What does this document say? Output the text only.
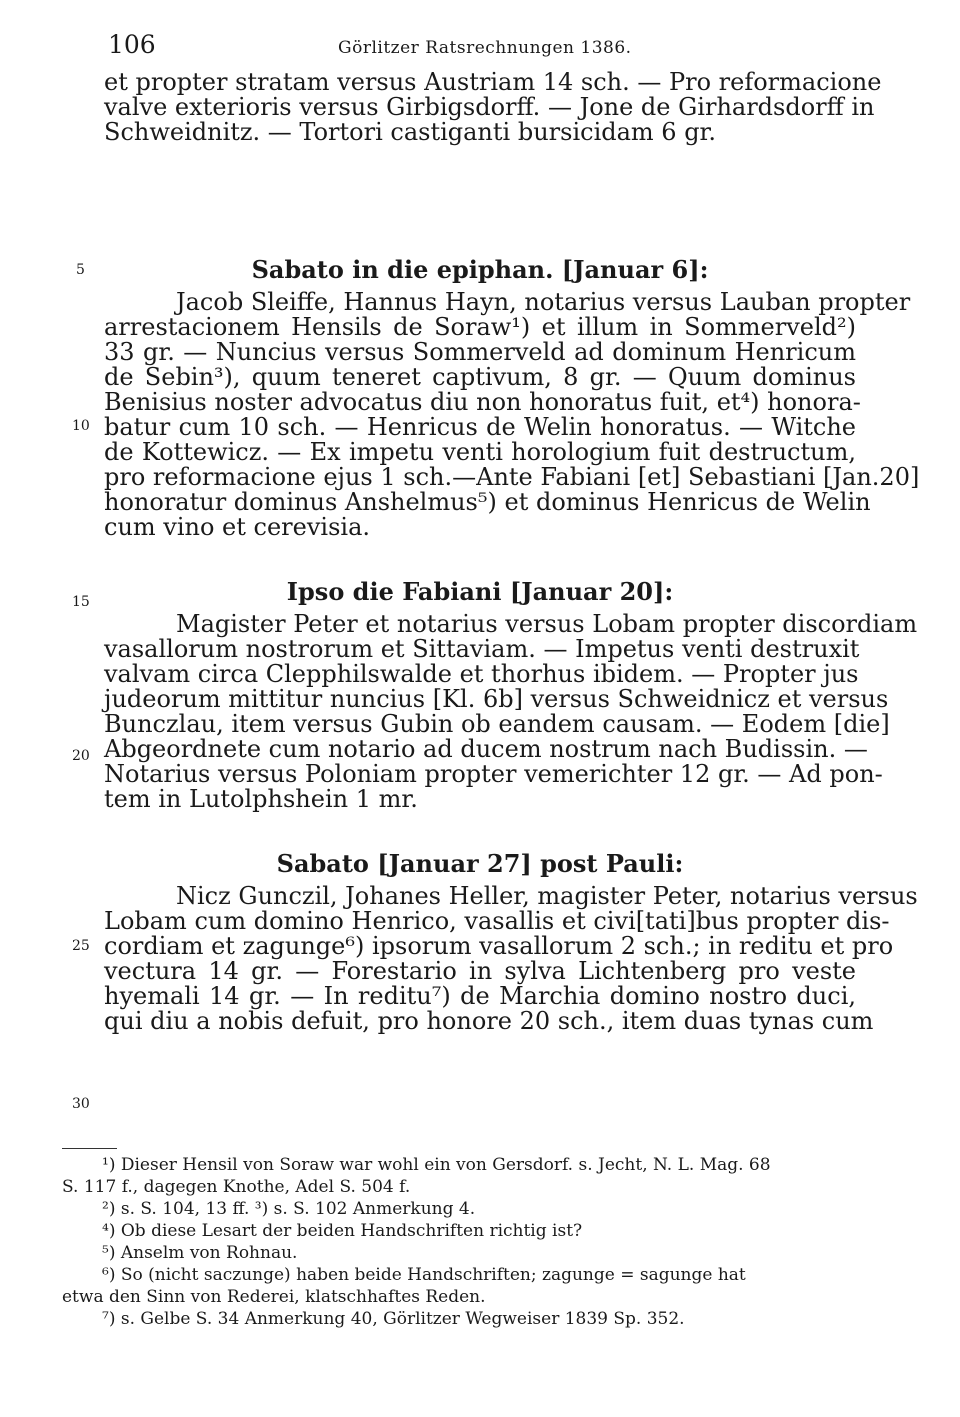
106	Görlitzer Ratsrechnungen 1386.
5
10
15
20
25
30
et propter stratam versus Austriam 14 sch. — Pro reformacione
valve exterioris versus Girbigsdorff. — Jone de Girhardsdorff in
Schweidnitz. — Tortori castiganti bursicidam 6 gr.
Sabato in die epiphan. [Januar 6]:
Jacob Sleiffe, Hannus Hayn, notarius versus Lauban propter
arrestacionem Hensils de Soraw¹) et illum in Sommerveld²)
33 gr. — Nuncius versus Sommerveld ad dominum Henricum
de Sebin³), quum teneret captivum, 8 gr. — Quum dominus
Benisius noster advocatus diu non honoratus fuit, et⁴) honora-
batur cum 10 sch. — Henricus de Welin honoratus. — Witche
de Kottewicz. — Ex impetu venti horologium fuit destructum,
pro reformacione ejus 1 sch.—Ante Fabiani [et] Sebastiani [Jan.20]
honoratur dominus Anshelmus⁵) et dominus Henricus de Welin
cum vino et cerevisia.
Ipso die Fabiani [Januar 20]:
Magister Peter et notarius versus Lobam propter discordiam
vasallorum nostrorum et Sittaviam. — Impetus venti destruxit
valvam circa Clepphilswalde et thorhus ibidem. — Propter jus
judeorum mittitur nuncius [Kl. 6b] versus Schweidnicz et versus
Bunczlau, item versus Gubin ob eandem causam. — Eodem [die]
Abgeordnete cum notario ad ducem nostrum nach Budissin. —
Notarius versus Poloniam propter vemerichter 12 gr. — Ad pon-
tem in Lutolphshein 1 mr.
Sabato [Januar 27] post Pauli:
Nicz Gunczil, Johanes Heller, magister Peter, notarius versus
Lobam cum domino Henrico, vasallis et civi[tati]bus propter dis-
cordiam et zagunge⁶) ipsorum vasallorum 2 sch.; in reditu et pro
vectura 14 gr. — Forestario in sylva Lichtenberg pro veste
hyemali 14 gr. — In reditu⁷) de Marchia domino nostro duci,
qui diu a nobis defuit, pro honore 20 sch., item duas tynas cum
¹) Dieser Hensil von Soraw war wohl ein von Gersdorf. s. Jecht, N. L. Mag. 68
S. 117 f., dagegen Knothe, Adel S. 504 f.
²) s. S. 104, 13 ff. ³) s. S. 102 Anmerkung 4.
⁴) Ob diese Lesart der beiden Handschriften richtig ist?
⁵) Anselm von Rohnau.
⁶) So (nicht saczunge) haben beide Handschriften; zagunge = sagunge hat
etwa den Sinn von Rederei, klatschhaftes Reden.
⁷) s. Gelbe S. 34 Anmerkung 40, Görlitzer Wegweiser 1839 Sp. 352.
